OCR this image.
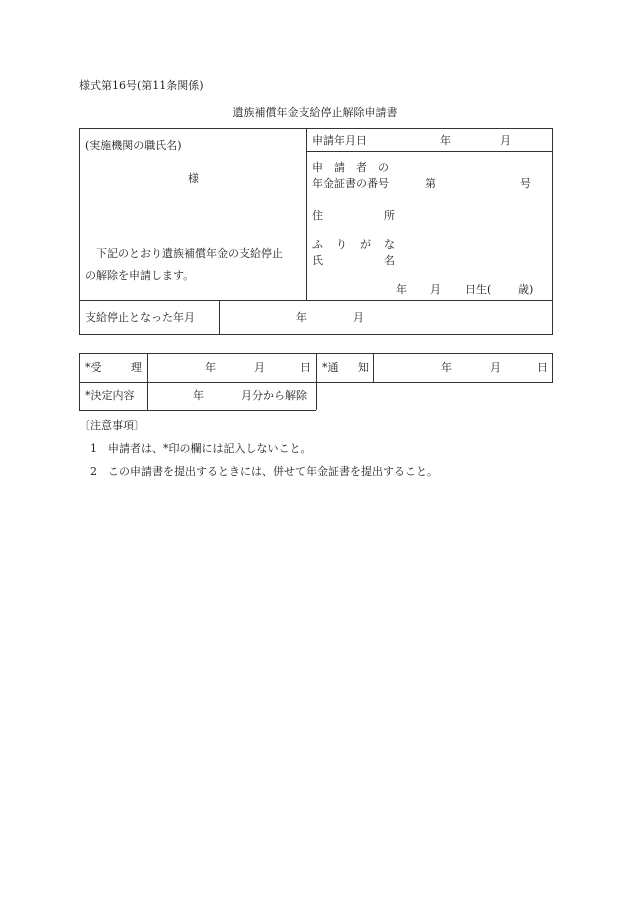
様式第16号(第11条関係)
遺族補償年金支給停止解除申請書
(実施機関の職氏名)
様
下記のとおり遺族補償年金の支給停止
の解除を申請します。
申請年月日	年	月
申　請　者　の
年金証書の番号	第	号
住	所
ふ り が な
氏	名
年 月 日生( 歳)
支給停止となった年月	年	月
*受	理	年	月	日 *通 知	年	月	日
*決定内容	年	月分から解除
〔注意事項〕
1 申請者は、*印の欄には記入しないこと。
2 この申請書を提出するときには、併せて年金証書を提出すること。
